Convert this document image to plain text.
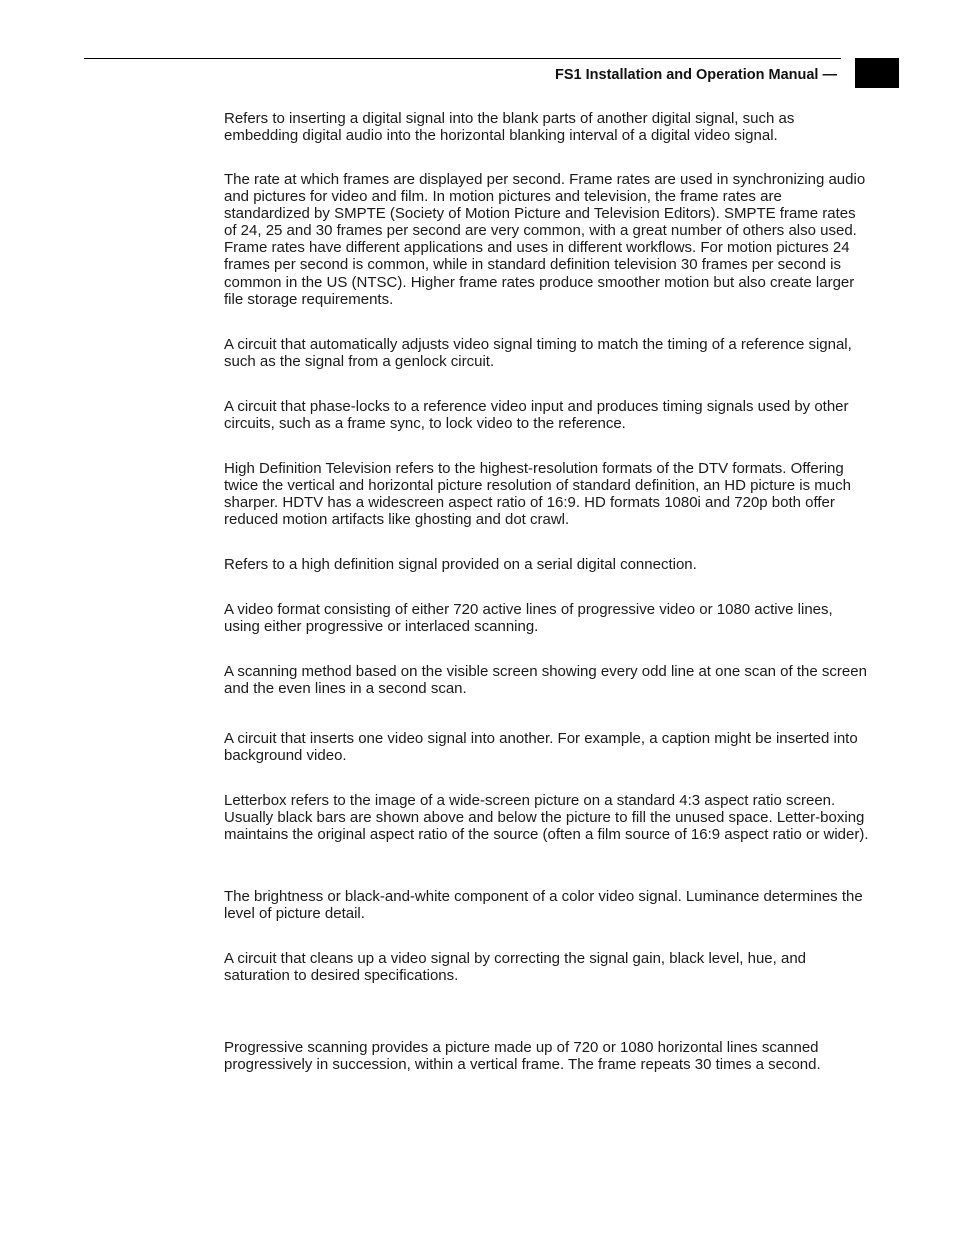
FS1 Installation and Operation Manual —

Refers to inserting a digital signal into the blank parts of another digital signal, such as embedding digital audio into the horizontal blanking interval of a digital video signal.

The rate at which frames are displayed per second. Frame rates are used in synchronizing audio and pictures for video and film. In motion pictures and television, the frame rates are standardized by SMPTE (Society of Motion Picture and Television Editors). SMPTE frame rates of 24, 25 and 30 frames per second are very common, with a great number of others also used. Frame rates have different applications and uses in different workflows. For motion pictures 24 frames per second is common, while in standard definition television 30 frames per second is common in the US (NTSC). Higher frame rates produce smoother motion but also create larger file storage requirements.

A circuit that automatically adjusts video signal timing to match the timing of a reference signal, such as the signal from a genlock circuit.

A circuit that phase-locks to a reference video input and produces timing signals used by other circuits, such as a frame sync, to lock video to the reference.

High Definition Television refers to the highest-resolution formats of the DTV formats. Offering twice the vertical and horizontal picture resolution of standard definition, an HD picture is much sharper. HDTV has a widescreen aspect ratio of 16:9. HD formats 1080i and 720p both offer reduced motion artifacts like ghosting and dot crawl.

Refers to a high definition signal provided on a serial digital connection.

A video format consisting of either 720 active lines of progressive video or 1080 active lines, using either progressive or interlaced scanning.

A scanning method based on the visible screen showing every odd line at one scan of the screen and the even lines in a second scan.

A circuit that inserts one video signal into another. For example, a caption might be inserted into background video.

Letterbox refers to the image of a wide-screen picture on a standard 4:3 aspect ratio screen. Usually black bars are shown above and below the picture to fill the unused space. Letter-boxing maintains the original aspect ratio of the source (often a film source of 16:9 aspect ratio or wider).

The brightness or black-and-white component of a color video signal. Luminance determines the level of picture detail.

A circuit that cleans up a video signal by correcting the signal gain, black level, hue, and saturation to desired specifications.

Progressive scanning provides a picture made up of 720 or 1080 horizontal lines scanned progressively in succession, within a vertical frame. The frame repeats 30 times a second.
